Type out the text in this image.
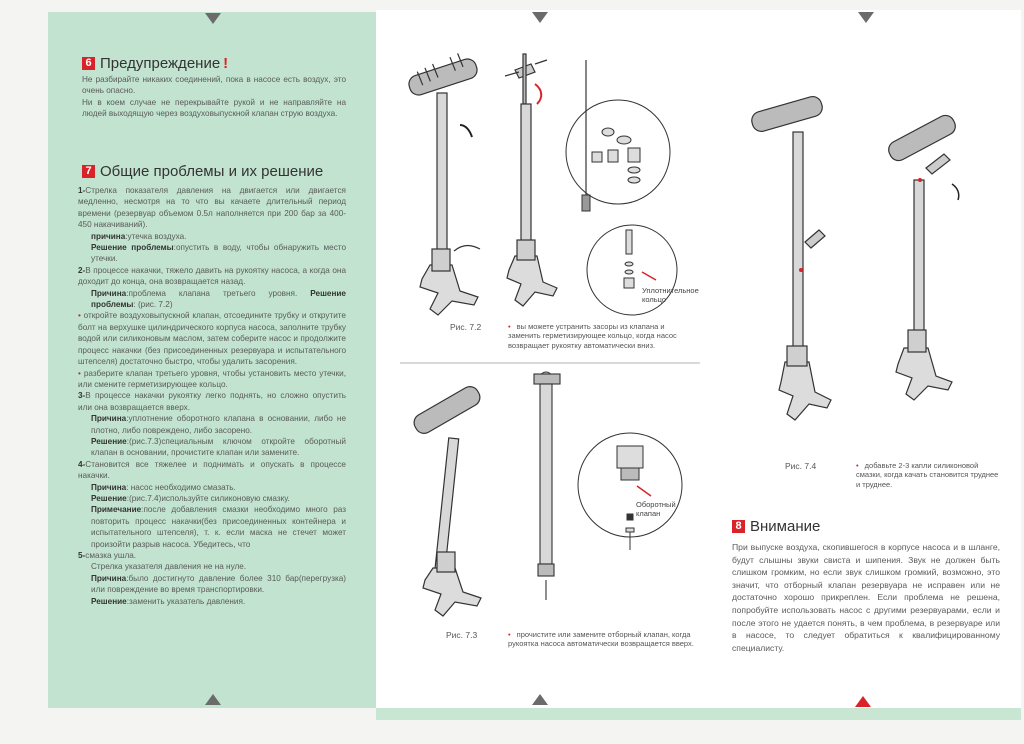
6 Предупреждение !

Не разбирайте никаких соединений, пока в насосе есть воздух, это очень опасно.

Ни в коем случае не перекрывайте рукой и не направляйте на людей выходящую через воздуховыпускной клапан струю воздуха.

7 Общие проблемы и их решение

1-Стрелка показателя давления на двигается или двигается медленно, несмотря на то что вы качаете длительный период времени (резервуар объемом 0.5л наполняется при 200 бар за 400-450 накачиваний).

причина:утечка воздуха.

Решение проблемы:опустить в воду, чтобы обнаружить место утечки.

2-В процессе накачки, тяжело давить на рукоятку насоса, а когда она доходит до конца, она возвращается назад.

Причина:проблема клапана третьего уровня. Решение проблемы: (рис. 7.2)

• откройте воздуховыпускной клапан, отсоедините трубку и открутите болт на верхушке цилиндрического корпуса насоса, заполните трубку водой или силиконовым маслом, затем соберите насос и продолжите процесс накачки (без присоединенных резервуара и испытательного штепселя) достаточно быстро, чтобы удалить засорения.

• разберите клапан третьего уровня, чтобы установить место утечки, или смените герметизирующее кольцо.

3-В процессе накачки рукоятку легко поднять, но сложно опустить или она возвращается вверх.

Причина:уплотнение оборотного клапана в основании, либо не плотно, либо повреждено, либо засорено.

Решение:(рис.7.3)специальным ключом откройте оборотный клапан в основании, прочистите клапан или замените.

4-Становится все тяжелее и поднимать и опускать в процессе накачки.

Причина: насос необходимо смазать.

Решение:(рис.7.4)используйте силиконовую смазку.

Примечание:после добавления смазки необходимо много раз повторить процесс накачки(без присоединенных контейнера и испытательного штепселя), т. к. если маска не стечет может произойти разрыв насоса. Убедитесь, что

5-смазка ушла.

Стрелка указателя давления не на нуле.

Причина:было достигнуто давление более 310 бар(перегрузка) или повреждение во время транспортировки.

Решение:заменить указатель давления.

Уплотнительное кольцо
Рис. 7.2	• вы можете устранить засоры из клапана и заменить герметизирующее кольцо, когда насос возвращает рукоятку автоматически вниз.
Оборотный клапан
Рис. 7.3	• прочистите или замените отборный клапан, когда рукоятка насоса автоматически возвращается вверх.
Рис. 7.4	• добавьте 2-3 капли силиконовой смазки, когда качать становится труднее и труднее.
8 Внимание
При выпуске воздуха, скопившегося в корпусе насоса и в шланге, будут слышны звуки свиста и шипения. Звук не должен быть слишком громким, но если звук слишком громкий, возможно, это значит, что отборный клапан резервуара не исправен или не достаточно хорошо прикреплен. Если проблема не решена, попробуйте использовать насос с другими резервуарами, если и после этого не удается понять, в чем проблема, в резервуаре или в насосе, то следует обратиться к квалифицированному специалисту.
